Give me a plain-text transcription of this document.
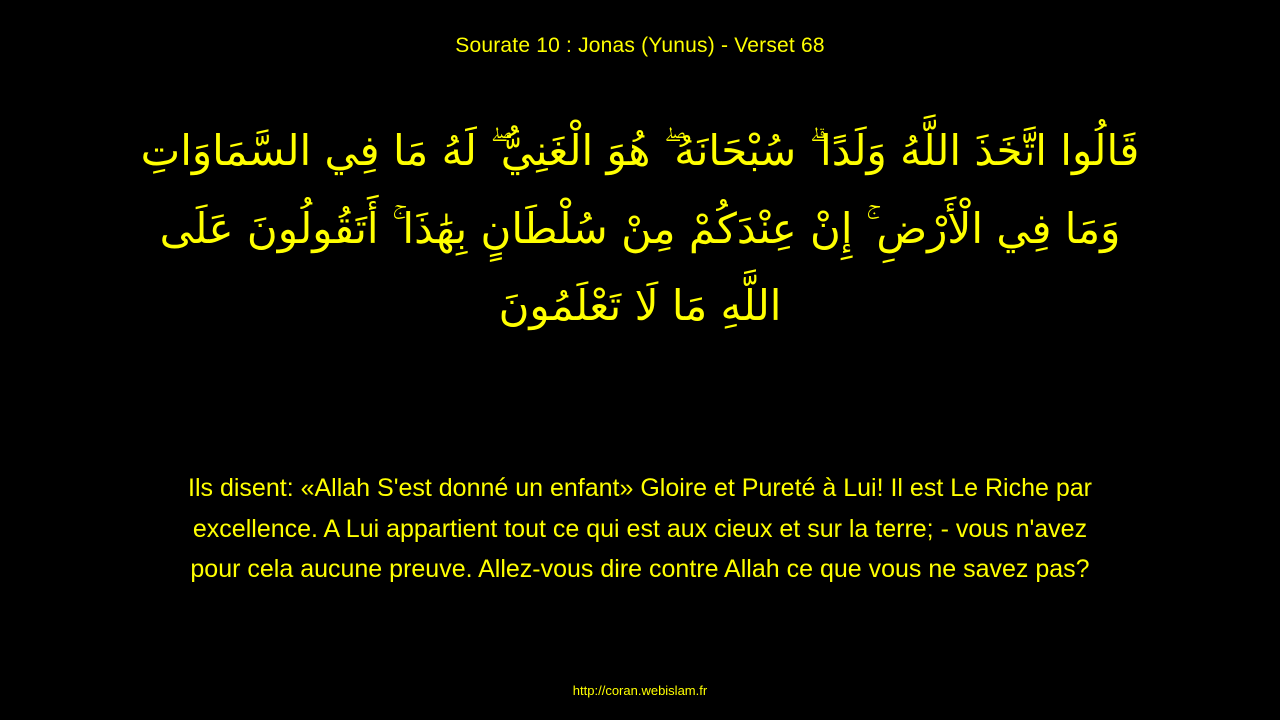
Sourate 10 : Jonas (Yunus) - Verset 68
قَالُوا اتَّخَذَ اللَّهُ وَلَدًا ۗ سُبْحَانَهُ ۖ هُوَ الْغَنِيُّ ۖ لَهُ مَا فِي السَّمَاوَاتِ وَمَا فِي الْأَرْضِ ۚ إِنْ عِنْدَكُمْ مِنْ سُلْطَانٍ بِهَٰذَا ۚ أَتَقُولُونَ عَلَى اللَّهِ مَا لَا تَعْلَمُونَ
Ils disent: «Allah S'est donné un enfant» Gloire et Pureté à Lui! Il est Le Riche par excellence. A Lui appartient tout ce qui est aux cieux et sur la terre; - vous n'avez pour cela aucune preuve. Allez-vous dire contre Allah ce que vous ne savez pas?
http://coran.webislam.fr
